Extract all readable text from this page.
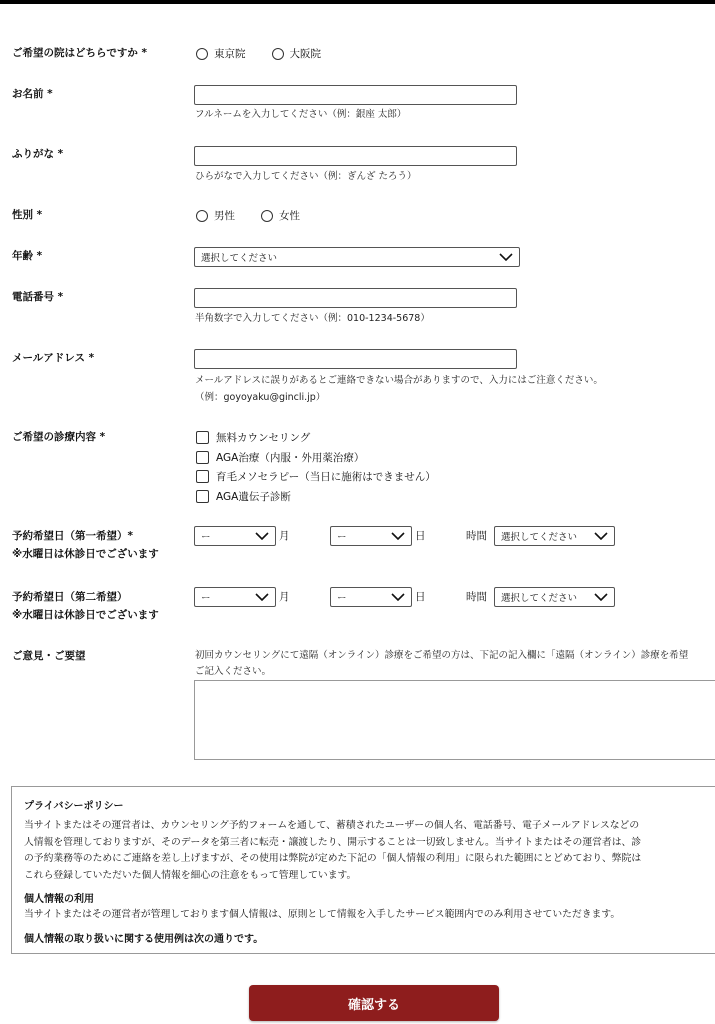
ご希望の院はどちらですか *	東京院	大阪院
お名前 *
フルネームを入力してください（例：銀座 太郎）
ふりがな *
ひらがなで入力してください（例：ぎんざ たろう）
性別 *	男性	女性
年齢 *	選択してください
電話番号 *
半角数字で入力してください（例：010-1234-5678）
メールアドレス *
メールアドレスに誤りがあるとご連絡できない場合がありますので、入力にはご注意ください。
（例：goyoyaku@gincli.jp）
ご希望の診療内容 *	無料カウンセリング
AGA治療（内服・外用薬治療）
育毛メソセラピー（当日に施術はできません）
AGA遺伝子診断
予約希望日（第一希望）*
※水曜日は休診日でございます
ー	月	ー	日	時間 選択してください
予約希望日（第二希望）
※水曜日は休診日でございます
ー	月	ー	日	時間 選択してください
ご意見・ご要望	初回カウンセリングにて遠隔（オンライン）診療をご希望の方は、下記の記入欄に「遠隔（オンライン）診療を希望
ご記入ください。
プライバシーポリシー
当サイトまたはその運営者は、カウンセリング予約フォームを通して、蓄積されたユーザーの個人名、電話番号、電子メールアドレスなどの
人情報を管理しておりますが、そのデータを第三者に転売・譲渡したり、開示することは一切致しません。当サイトまたはその運営者は、診
の予約業務等のためにご連絡を差し上げますが、その使用は弊院が定めた下記の「個人情報の利用」に限られた範囲にとどめており、弊院は
これら登録していただいた個人情報を細心の注意をもって管理しています。
個人情報の利用
当サイトまたはその運営者が管理しております個人情報は、原則として情報を入手したサービス範囲内でのみ利用させていただきます。
個人情報の取り扱いに関する使用例は次の通りです。
確認する
